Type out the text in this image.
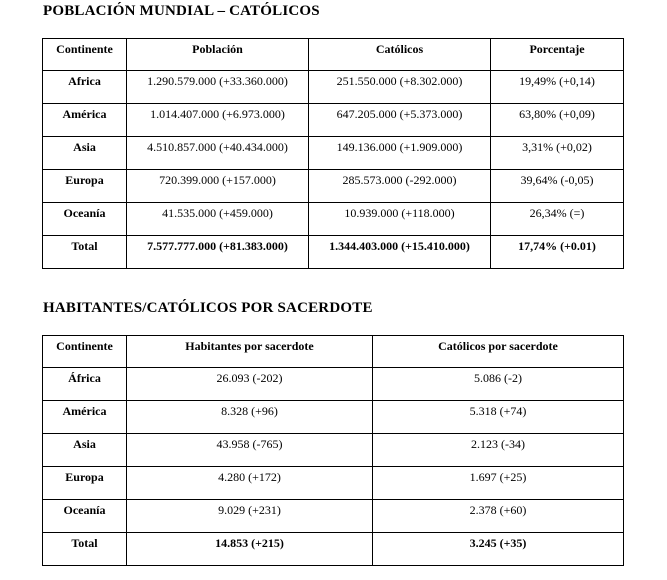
POBLACIÓN MUNDIAL – CATÓLICOS
Continente	Población	Católicos	Porcentaje
Africa	1.290.579.000 (+33.360.000)	251.550.000 (+8.302.000)	19,49% (+0,14)
América	1.014.407.000 (+6.973.000)	647.205.000 (+5.373.000)	63,80% (+0,09)
Asia	4.510.857.000 (+40.434.000)	149.136.000 (+1.909.000)	3,31% (+0,02)
Europa	720.399.000 (+157.000)	285.573.000 (-292.000)	39,64% (-0,05)
Oceanía	41.535.000 (+459.000)	10.939.000 (+118.000)	26,34% (=)
Total	7.577.777.000 (+81.383.000)	1.344.403.000 (+15.410.000)	17,74% (+0.01)
HABITANTES/CATÓLICOS POR SACERDOTE
Continente	Habitantes por sacerdote	Católicos por sacerdote
África	26.093 (-202)	5.086 (-2)
América	8.328 (+96)	5.318 (+74)
Asia	43.958 (-765)	2.123 (-34)
Europa	4.280 (+172)	1.697 (+25)
Oceanía	9.029 (+231)	2.378 (+60)
Total	14.853 (+215)	3.245 (+35)
